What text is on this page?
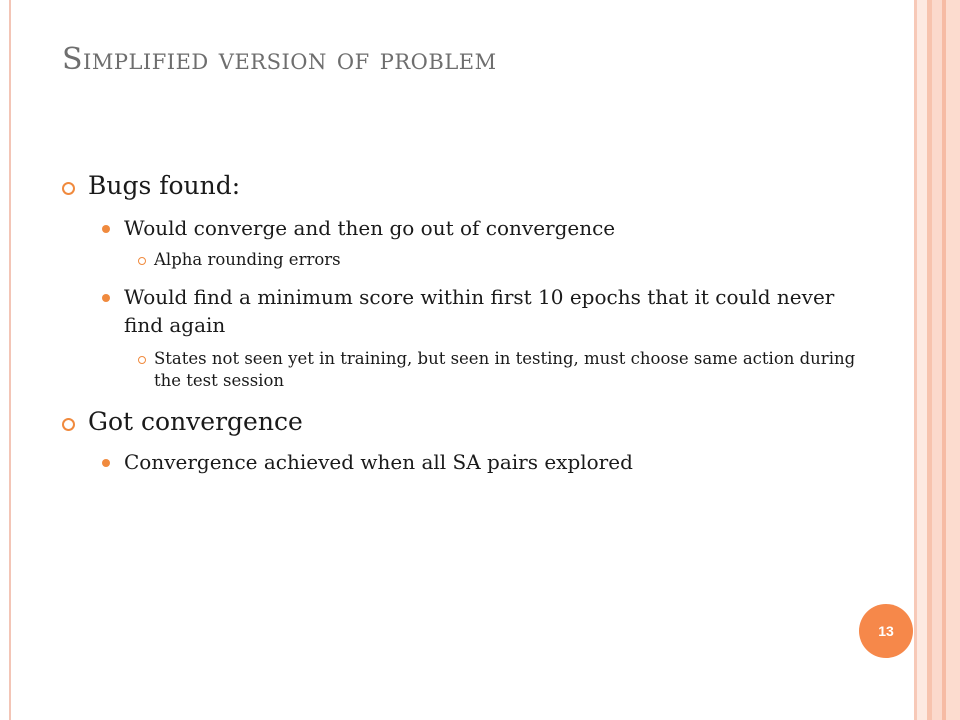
Simplified version of problem
Bugs found:
Would converge and then go out of convergence
Alpha rounding errors
Would find a minimum score within first 10 epochs that it could never find again
States not seen yet in training, but seen in testing, must choose same action during the test session
Got convergence
Convergence achieved when all SA pairs explored
13
